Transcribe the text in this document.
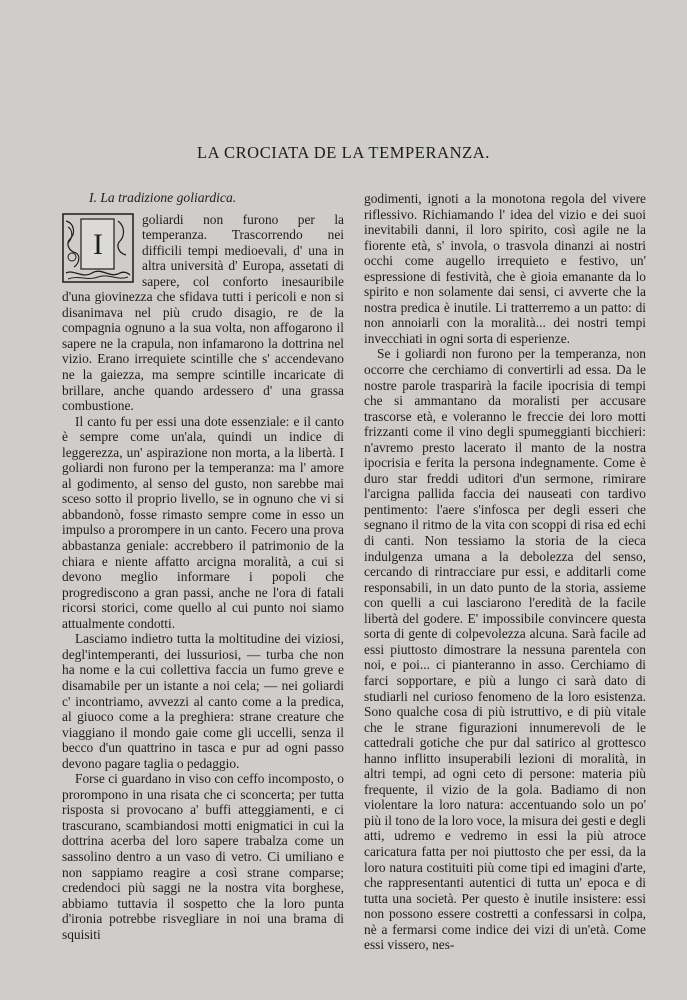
LA CROCIATA DE LA TEMPERANZA.
I. La tradizione goliardica.
I

goliardi non furono per la temperanza. Trascorrendo nei difficili tempi medioevali, d' una in altra università d' Europa, assetati di sapere, col conforto inesauribile d'una giovinezza che sfidava tutti i pericoli e non si disanimava nel più crudo disagio, re de la compagnia ognuno a la sua volta, non affogarono il sapere ne la crapula, non infamarono la dottrina nel vizio. Erano irrequiete scintille che s' accendevano ne la gaiezza, ma sempre scintille incaricate di brillare, anche quando ardessero d' una grassa combustione.

Il canto fu per essi una dote essenziale: e il canto è sempre come un'ala, quindi un indice di leggerezza, un' aspirazione non morta, a la libertà. I goliardi non furono per la temperanza: ma l' amore al godimento, al senso del gusto, non sarebbe mai sceso sotto il proprio livello, se in ognuno che vi si abbandonò, fosse rimasto sempre come in esso un impulso a prorompere in un canto. Fecero una prova abbastanza geniale: accrebbero il patrimonio de la chiara e niente affatto arcigna moralità, a cui si devono meglio informare i popoli che progrediscono a gran passi, anche ne l'ora di fatali ricorsi storici, come quello al cui punto noi siamo attualmente condotti.

Lasciamo indietro tutta la moltitudine dei viziosi, degl'intemperanti, dei lussuriosi, — turba che non ha nome e la cui collettiva faccia un fumo greve e disamabile per un istante a noi cela; — nei goliardi c' incontriamo, avvezzi al canto come a la predica, al giuoco come a la preghiera: strane creature che viaggiano il mondo gaie come gli uccelli, senza il becco d'un quattrino in tasca e pur ad ogni passo devono pagare taglia o pedaggio.

Forse ci guardano in viso con ceffo incomposto, o prorompono in una risata che ci sconcerta; per tutta risposta si provocano a' buffi atteggiamenti, e ci trascurano, scambiandosi motti enigmatici in cui la dottrina acerba del loro sapere trabalza come un sassolino dentro a un vaso di vetro. Ci umiliano e non sappiamo reagire a così strane comparse; credendoci più saggi ne la nostra vita borghese, abbiamo tuttavia il sospetto che la loro punta d'ironia potrebbe risvegliare in noi una brama di squisiti

godimenti, ignoti a la monotona regola del vivere riflessivo. Richiamando l' idea del vizio e dei suoi inevitabili danni, il loro spirito, così agile ne la fiorente età, s' invola, o trasvola dinanzi ai nostri occhi come augello irrequieto e festivo, un' espressione di festività, che è gioia emanante da lo spirito e non solamente dai sensi, ci avverte che la nostra predica è inutile. Li tratterremo a un patto: di non annoiarli con la moralità... dei nostri tempi invecchiati in ogni sorta di esperienze.

Se i goliardi non furono per la temperanza, non occorre che cerchiamo di convertirli ad essa. Da le nostre parole trasparirà la facile ipocrisia di tempi che si ammantano da moralisti per accusare trascorse età, e voleranno le freccie dei loro motti frizzanti come il vino degli spumeggianti bicchieri: n'avremo presto lacerato il manto de la nostra ipocrisia e ferita la persona indegnamente. Come è duro star freddi uditori d'un sermone, rimirare l'arcigna pallida faccia dei nauseati con tardivo pentimento: l'aere s'infosca per degli esseri che segnano il ritmo de la vita con scoppi di risa ed echi di canti. Non tessiamo la storia de la cieca indulgenza umana a la debolezza del senso, cercando di rintracciare pur essi, e additarli come responsabili, in un dato punto de la storia, assieme con quelli a cui lasciarono l'eredità de la facile libertà del godere. E' impossibile convincere questa sorta di gente di colpevolezza alcuna. Sarà facile ad essi piuttosto dimostrare la nessuna parentela con noi, e poi... ci pianteranno in asso. Cerchiamo di farci sopportare, e più a lungo ci sarà dato di studiarli nel curioso fenomeno de la loro esistenza. Sono qualche cosa di più istruttivo, e di più vitale che le strane figurazioni innumerevoli de le cattedrali gotiche che pur dal satirico al grottesco hanno inflitto insuperabili lezioni di moralità, in altri tempi, ad ogni ceto di persone: materia più frequente, il vizio de la gola. Badiamo di non violentare la loro natura: accentuando solo un po' più il tono de la loro voce, la misura dei gesti e degli atti, udremo e vedremo in essi la più atroce caricatura fatta per noi piuttosto che per essi, da la loro natura costituiti più come tipi ed imagini d'arte, che rappresentanti autentici di tutta un' epoca e di tutta una società. Per questo è inutile insistere: essi non possono essere costretti a confessarsi in colpa, nè a fermarsi come indice dei vizi di un'età. Come essi vissero, nes-
